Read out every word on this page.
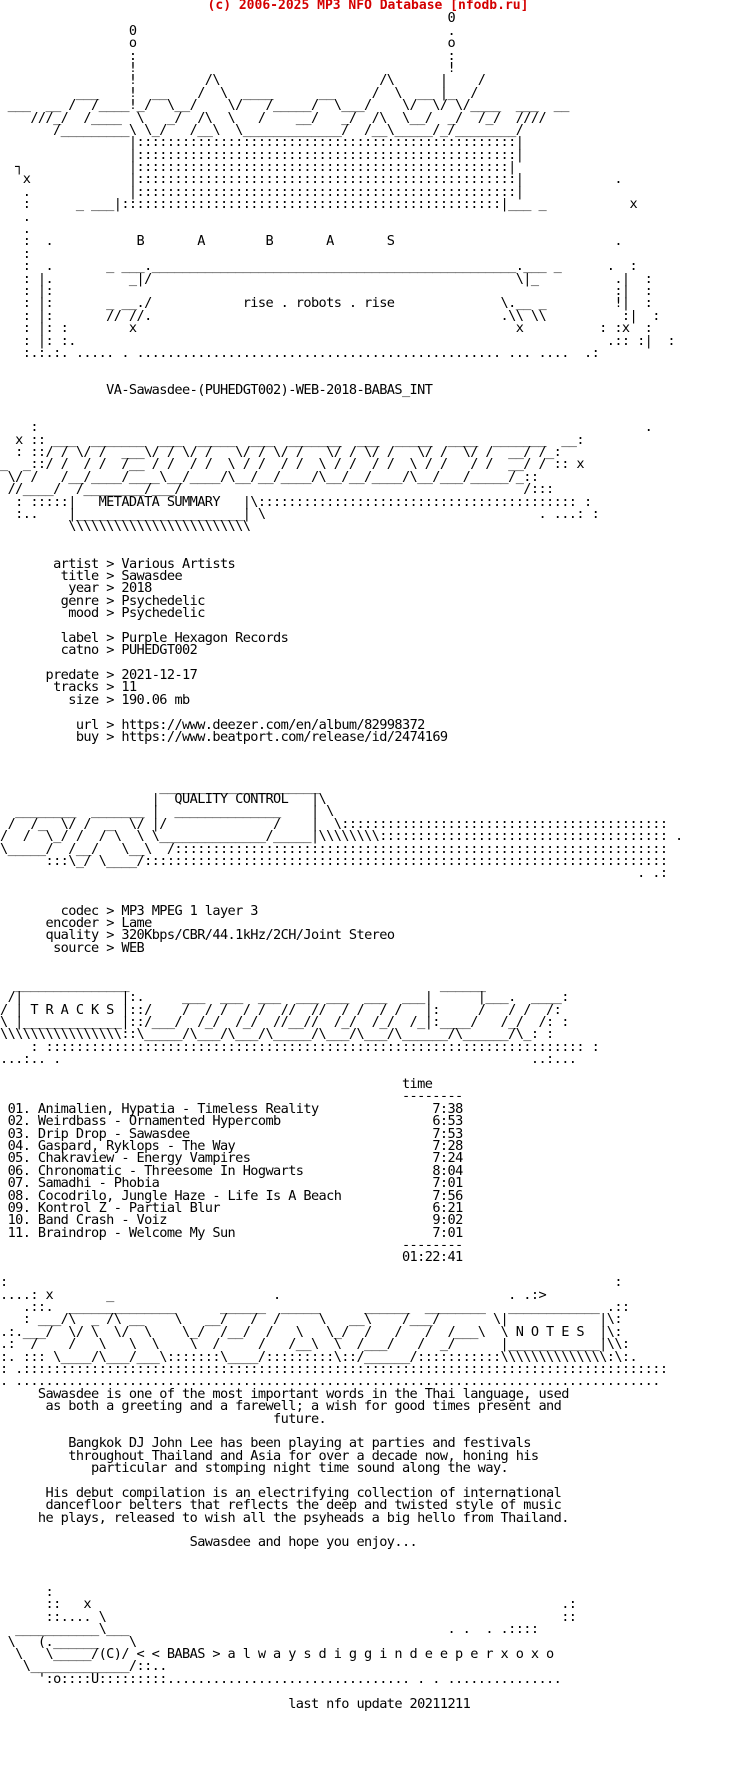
(c) 2006-2025 MP3 NFO Database [nfodb.ru]

0
0                                         .
o                                         o
:                                         :
!                                         !
!         /\                     /\      |    /
___    !  __    /  \  ____      __     /  \  __ |_  /
___  __ /  /____!_/  \__/    \/   /_____/  \___/    \/  \/ \/____  ___  __
///_/  /____  \   _/  /\  \   /    __/   _/  /\  \__/  _/  /_/  ////
/_________\ \_/   /__\  \_____________/  /__\_____/_/________/
|::::::::::::::::::::::::::::::::::::::::::::::::::|
|::::::::::::::::::::::::::::::::::::::::::::::::::|
┐              |:::::::::::::::::::::::::::::::::::::::::::::::::|
x             |::::::::::::::::::::::::::::::::::::::::::::::::::|            .
.             |::::::::::::::::::::::::::::::::::::::::::::::::::|
:      _ ___|::::::::::::::::::::::::::::::::::::::::::::::::::|___ _           x
.
.
:  .           B       A        B       A       S                             .
:
:  .       _ ___.________________________________________________.___ _      .  :
: |.          _|/                                                \|_          .|  :
: |:                                                                          :|  :
: |:       _ __./            rise . robots . rise              \.__ _         !|  :
: |:       // //.                                              .\\ \\          :|  :
: |: :        x                                                  x          : :x  :
: |: :.                                                                      .:: :|  :
:.:.:. ..... . ................................................ ... ....  .:

VA-Sawasdee-(PUHEDGT002)-WEB-2018-BABAS_INT

:                                                                                .
x :: ___  _______  ___  _____  ___  _______  ___  _____  ____  _______  __:
: ::/ / \/ /  ___\/ / \/ /   \/ / \/ /   \/ / \/ /   \/ /  \/ /  __/ /_:
_  _::/ /  / /  /__ / /  / /  \ / /  / /  \ / /  / /  \ / /   / /  __/ / :: x
\/ /   /__/____/____\__/____/\__/__/____/\__/__/____/\__/___/_____/_::
//____/  /________/___/                                             /:::
: :::::|   METADATA SUMMARY   |\:::::::::::::::::::::::::::::::::::::::::: :
:..    |______________________| \                                    . ...: :
\\\\\\\\\\\\\\\\\\\\\\\\

artist > Various Artists
title > Sawasdee
year > 2018
genre > Psychedelic
mood > Psychedelic

label > Purple Hexagon Records
catno > PUHEDGT002

predate > 2021-12-17
tracks > 11
size > 190.06 mb

url > https://www.deezer.com/en/album/82998372
buy > https://www.beatport.com/release/id/2474169

_____________________
|  QUALITY CONTROL   |\
________  _______ |  ______________    | \
/  /_  \/ /  _  \/ |/              /    |  \:::::::::::::::::::::::::::::::::::::::::::
/  /  \_/ /  / \  \ \______________/_____|\\\\\\\\:::::::::::::::::::::::::::::::::::::: .
\_____/  /__/   \__\  /:::::::::::::::::::::::::::::::::::::::::::::::::::::::::::::::::
:::\_/ \____/:::::::::::::::::::::::::::::::::::::::::::::::::::::::::::::::::::::
. .:

codec > MP3 MPEG 1 layer 3
encoder > Lame
quality > 320Kbps/CBR/44.1kHz/2CH/Joint Stereo
source > WEB

_______________                                         ______
/|             |:.     ___  ___  ___  ___ ___  ___  ___|      |___.  ____:
/ | T R A C K S |::/    /  / /  / /  //  //  / /  / /   |:     /   / /  /:
\ |_____________|::/___/  /_/  /_/  //__//  /_/  /_/  /_|:____/   /_/  /: :
\\\\\\\\\\\\\\\\::\_____/\___/\___/\_____/\___/\___/\______/\______/\_: :
: ::::::::::::::::::::::::::::::::::::::::::::::::::::::::::::::::::::::: :
...:.. .                                                              ..:...

time
--------
01. Animalien, Hypatia - Timeless Reality	7:38
02. Weirdbass - Ornamented Hypercomb	6:53
03. Drip Drop - Sawasdee	7:53
04. Gaspard, Ryklops - The Way	7:28
05. Chakraview - Energy Vampires	7:24
06. Chronomatic - Threesome In Hogwarts	8:04
07. Samadhi - Phobia	7:01
08. Cocodrilo, Jungle Haze - Life Is A Beach	7:56
09. Kontrol Z - Partial Blur	6:21
10. Band Crash - Voiz	9:02
11. Braindrop - Welcome My Sun	7:01
--------
01:22:41

:                                                                                :
....: x       _                     .                              . .:>
.::.  ______________      ______  _____      ______  ________   ____________ .::
: ___/\  _ /\ __    \   __/   /  /     \   __\    /___/       \|            |\:
.:.___/  \/ \  \/  \    \_/  /__/  /   \   \_/  /   /   /  /___\  \ N O T E S  |\:
.:  /    /   \   \  \    \  /     /   /__\  \  /___/   /  _/      |____________|\\:
:. ::: \____/\___/___\:::::::\____/:::::::::\::/______/:::::::::::\\\\\\\\\\\\\\:\:.
: .:::::::::::::::::::::::::::::::::::::::::::::::::::::::::::::::::::::::::::::::::::::
. .....................................................................................
Sawasdee is one of the most important words in the Thai language, used
as both a greeting and a farewell; a wish for good times present and
future.

Bangkok DJ John Lee has been playing at parties and festivals
throughout Thailand and Asia for over a decade now, honing his
particular and stomping night time sound along the way.

His debut compilation is an electrifying collection of international
dancefloor belters that reflects the deep and twisted style of music
he plays, released to wish all the psyheads a big hello from Thailand.

Sawasdee and hope you enjoy...

:
::   x                                                              .:
::.... \                                                            ::
___________\___                                          . .  . .::::
\   (.______    \
\   \_____/(C)/ < < BABAS > a l w a y s d i g g i n d e e p e r x o x o
\_____________/::..
':o::::U:::::::::................................ . . ...............

last nfo update 20211211
